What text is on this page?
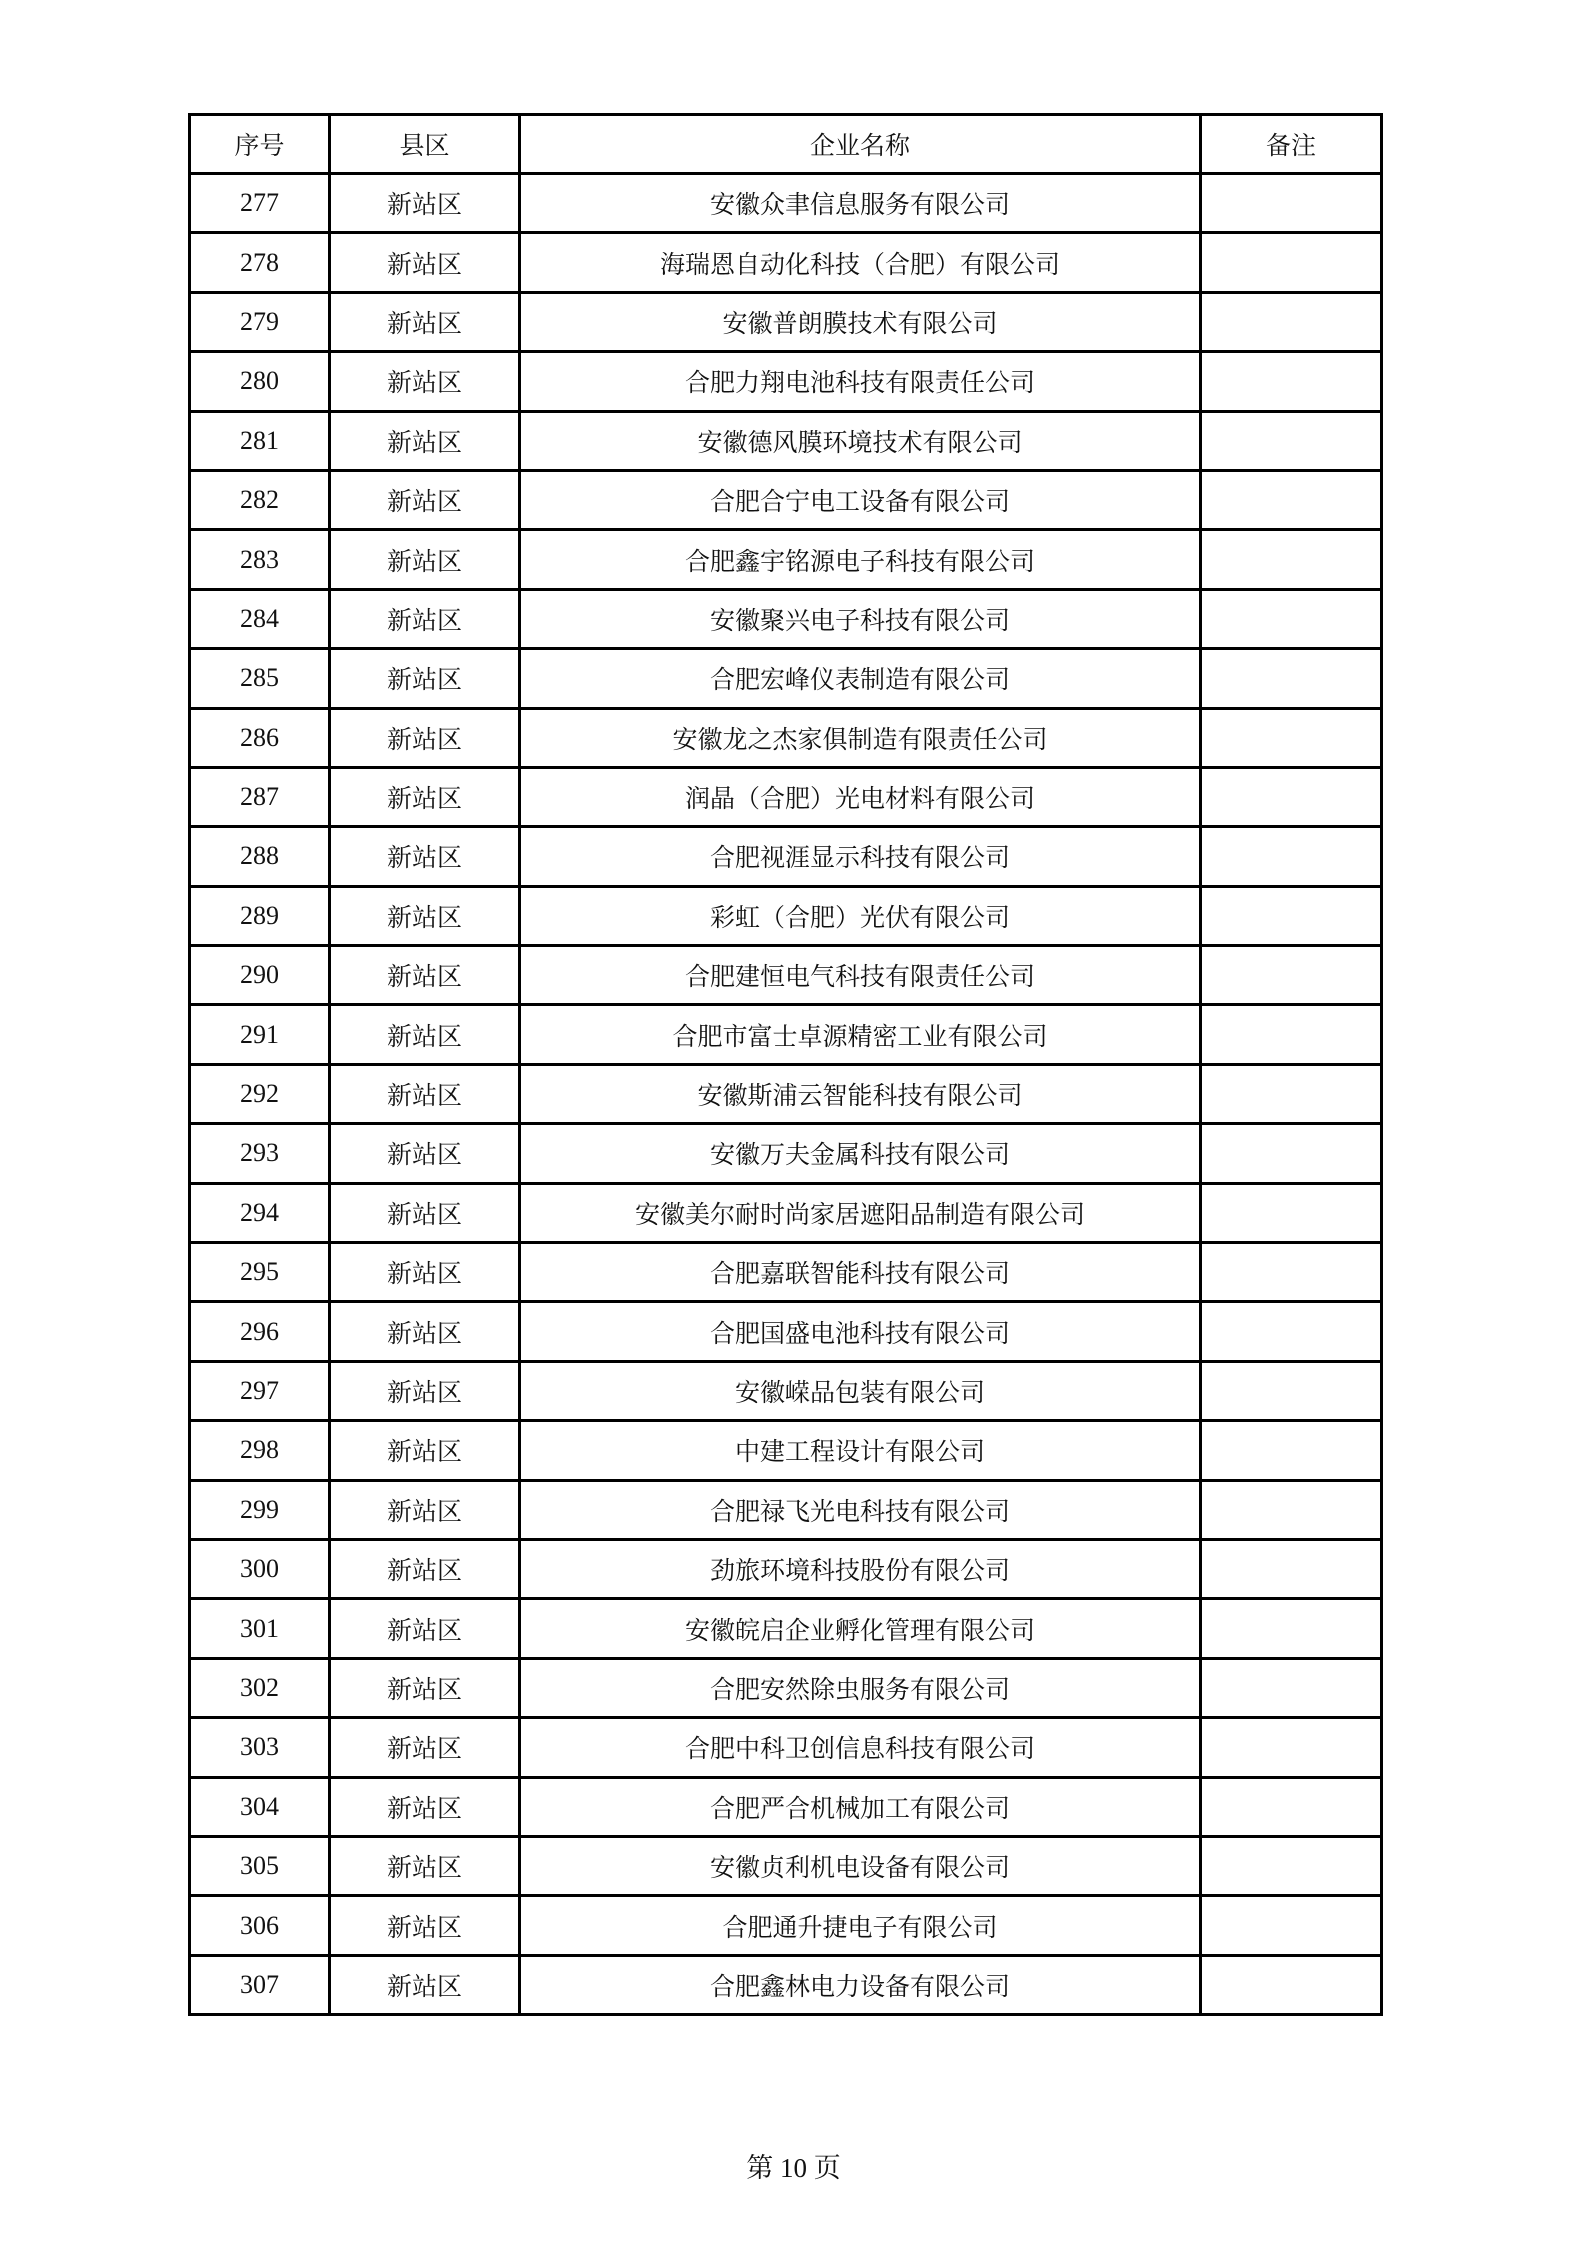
序号	县区	企业名称	备注
277	新站区	安徽众聿信息服务有限公司	
278	新站区	海瑞恩自动化科技（合肥）有限公司	
279	新站区	安徽普朗膜技术有限公司	
280	新站区	合肥力翔电池科技有限责任公司	
281	新站区	安徽德风膜环境技术有限公司	
282	新站区	合肥合宁电工设备有限公司	
283	新站区	合肥鑫宇铭源电子科技有限公司	
284	新站区	安徽聚兴电子科技有限公司	
285	新站区	合肥宏峰仪表制造有限公司	
286	新站区	安徽龙之杰家俱制造有限责任公司	
287	新站区	润晶（合肥）光电材料有限公司	
288	新站区	合肥视涯显示科技有限公司	
289	新站区	彩虹（合肥）光伏有限公司	
290	新站区	合肥建恒电气科技有限责任公司	
291	新站区	合肥市富士卓源精密工业有限公司	
292	新站区	安徽斯浦云智能科技有限公司	
293	新站区	安徽万夫金属科技有限公司	
294	新站区	安徽美尔耐时尚家居遮阳品制造有限公司	
295	新站区	合肥嘉联智能科技有限公司	
296	新站区	合肥国盛电池科技有限公司	
297	新站区	安徽嵘品包装有限公司	
298	新站区	中建工程设计有限公司	
299	新站区	合肥禄飞光电科技有限公司	
300	新站区	劲旅环境科技股份有限公司	
301	新站区	安徽皖启企业孵化管理有限公司	
302	新站区	合肥安然除虫服务有限公司	
303	新站区	合肥中科卫创信息科技有限公司	
304	新站区	合肥严合机械加工有限公司	
305	新站区	安徽贞利机电设备有限公司	
306	新站区	合肥通升捷电子有限公司	
307	新站区	合肥鑫林电力设备有限公司	
第 10 页
